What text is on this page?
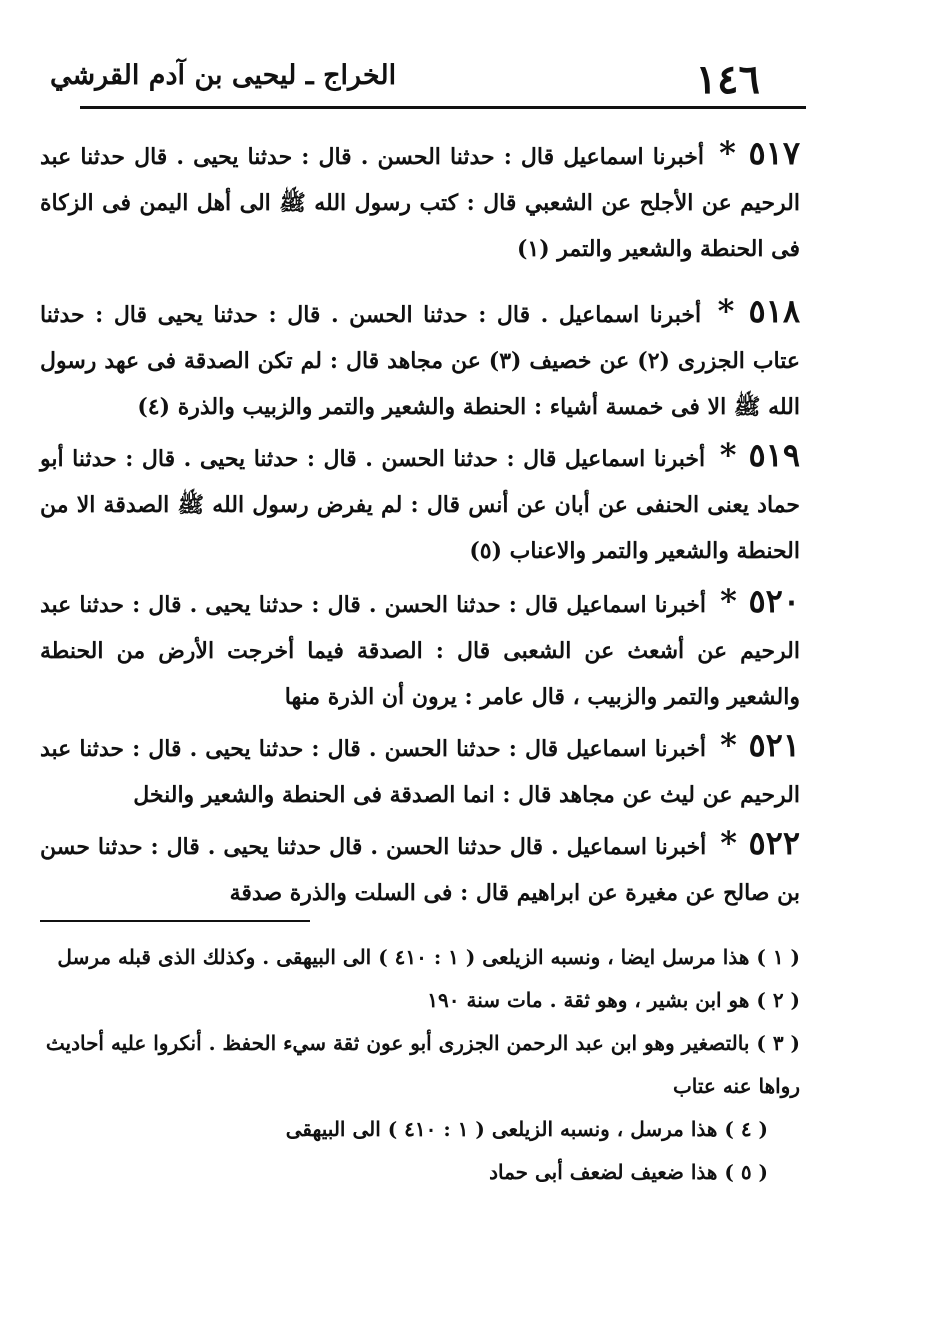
١٤٦
الخراج ـ ليحيى بن آدم القرشي
٥١٧ * أخبرنا اسماعيل قال : حدثنا الحسن . قال : حدثنا يحيى . قال حدثنا عبد الرحيم عن الأجلح عن الشعبي قال : كتب رسول الله ﷺ الى أهل اليمن فى الزكاة فى الحنطة والشعير والتمر (١)
٥١٨ * أخبرنا اسماعيل . قال : حدثنا الحسن . قال : حدثنا يحيى قال : حدثنا عتاب الجزرى (٢) عن خصيف (٣) عن مجاهد قال : لم تكن الصدقة فى عهد رسول الله ﷺ الا فى خمسة أشياء : الحنطة والشعير والتمر والزبيب والذرة (٤)
٥١٩ * أخبرنا اسماعيل قال : حدثنا الحسن . قال : حدثنا يحيى . قال : حدثنا أبو حماد يعنى الحنفى عن أبان عن أنس قال : لم يفرض رسول الله ﷺ الصدقة الا من الحنطة والشعير والتمر والاعناب (٥)
٥٢٠ * أخبرنا اسماعيل قال : حدثنا الحسن . قال : حدثنا يحيى . قال : حدثنا عبد الرحيم عن أشعث عن الشعبى قال : الصدقة فيما أخرجت الأرض من الحنطة والشعير والتمر والزبيب ، قال عامر : يرون أن الذرة منها
٥٢١ * أخبرنا اسماعيل قال : حدثنا الحسن . قال : حدثنا يحيى . قال : حدثنا عبد الرحيم عن ليث عن مجاهد قال : انما الصدقة فى الحنطة والشعير والنخل
٥٢٢ * أخبرنا اسماعيل . قال حدثنا الحسن . قال حدثنا يحيى . قال : حدثنا حسن بن صالح عن مغيرة عن ابراهيم قال : فى السلت والذرة صدقة

( ١ ) هذا مرسل ايضا ، ونسبه الزيلعى ( ١ : ٤١٠ ) الى البيهقى . وكذلك الذى قبله مرسل

( ٢ ) هو ابن بشير ، وهو ثقة . مات سنة ١٩٠

( ٣ ) بالتصغير وهو ابن عبد الرحمن الجزرى أبو عون ثقة سيء الحفظ . أنكروا عليه أحاديث رواها عنه عتاب

( ٤ ) هذا مرسل ، ونسبه الزيلعى ( ١ : ٤١٠ ) الى البيهقى

( ٥ ) هذا ضعيف لضعف أبى حماد
